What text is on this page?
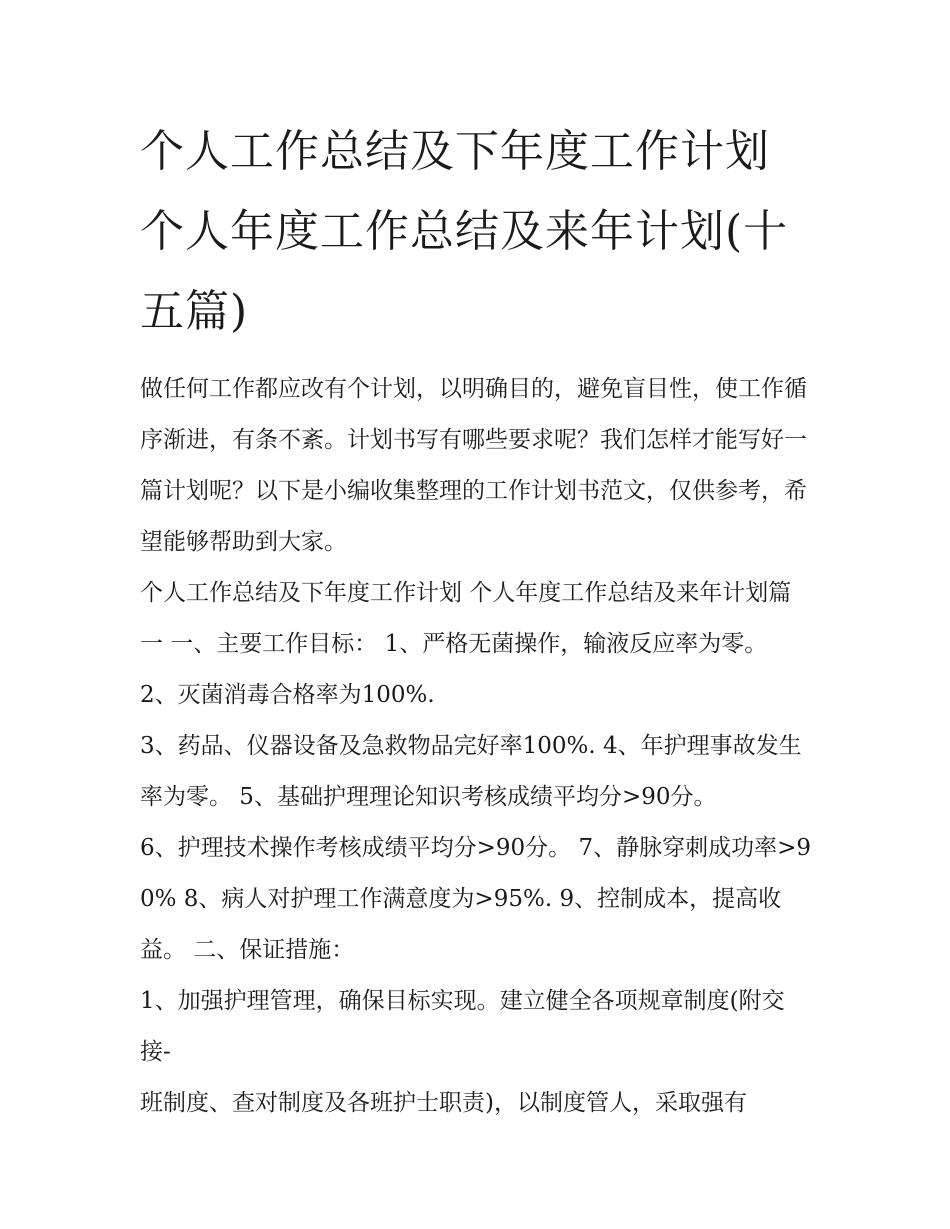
个人工作总结及下年度工作计划 个人年度工作总结及来年计划(十五篇)

做任何工作都应改有个计划，以明确目的，避免盲目性，使工作循序渐进，有条不紊。计划书写有哪些要求呢？我们怎样才能写好一篇计划呢？以下是小编收集整理的工作计划书范文，仅供参考，希望能够帮助到大家。

个人工作总结及下年度工作计划 个人年度工作总结及来年计划篇一 一、主要工作目标： 1、严格无菌操作，输液反应率为零。 2、灭菌消毒合格率为100%.

3、药品、仪器设备及急救物品完好率100%. 4、年护理事故发生率为零。 5、基础护理理论知识考核成绩平均分>90分。

6、护理技术操作考核成绩平均分>90分。 7、静脉穿刺成功率>90% 8、病人对护理工作满意度为>95%. 9、控制成本，提高收益。 二、保证措施：

1、加强护理管理，确保目标实现。建立健全各项规章制度(附交接-

班制度、查对制度及各班护士职责)，以制度管人，采取强有
